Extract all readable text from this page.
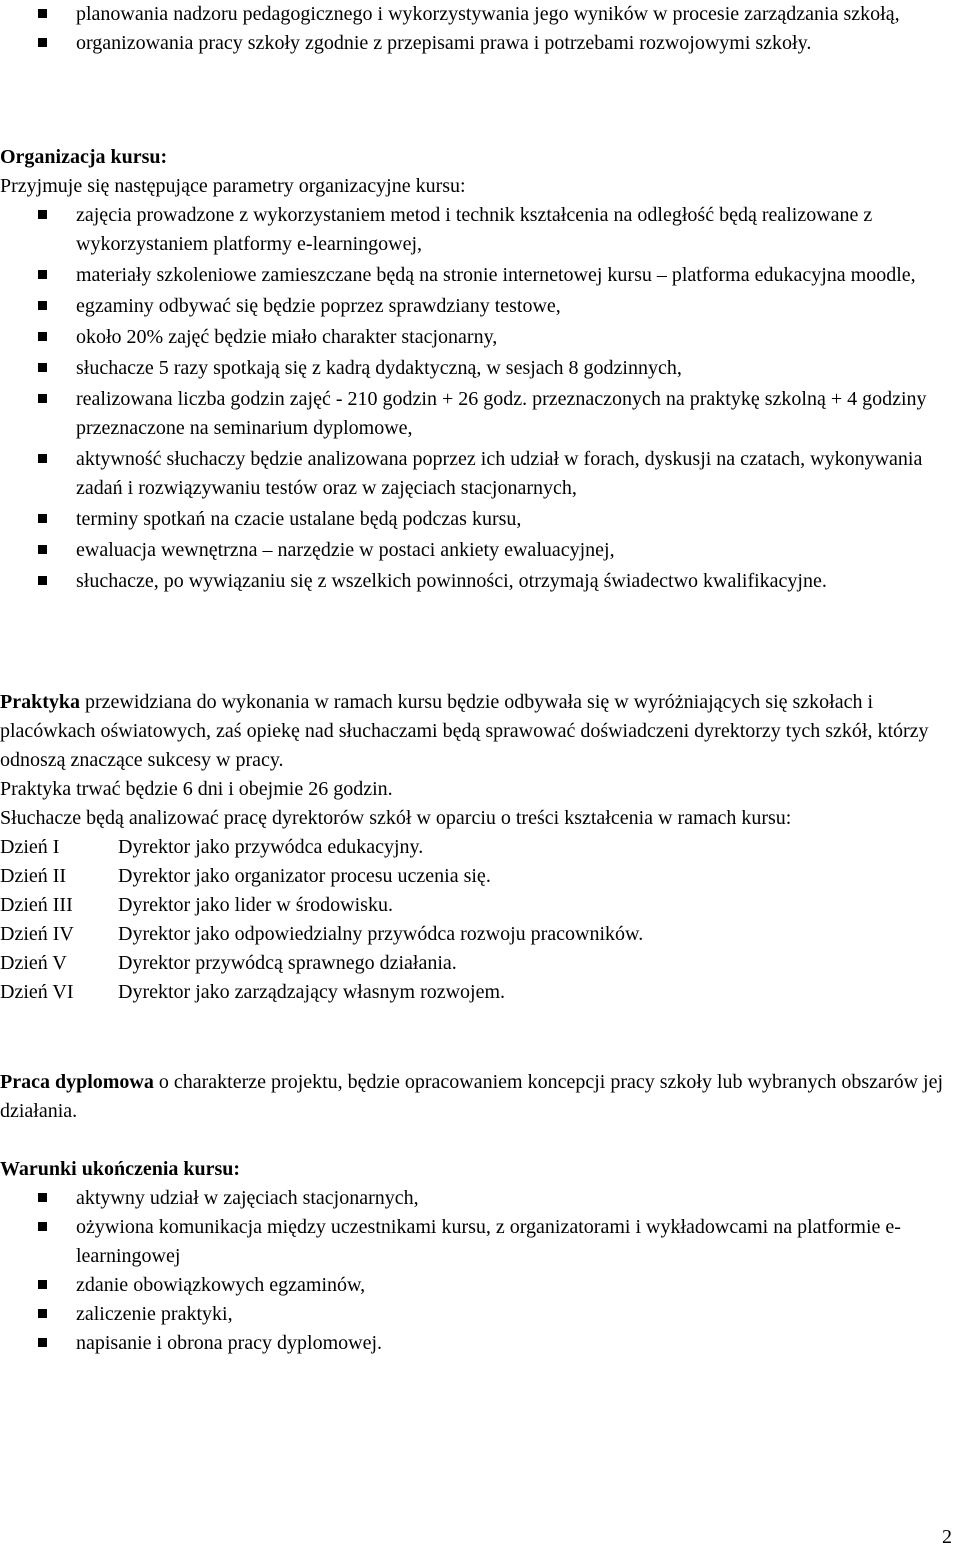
planowania nadzoru pedagogicznego i wykorzystywania jego wyników w procesie zarządzania szkołą,
organizowania pracy szkoły zgodnie z przepisami prawa i potrzebami rozwojowymi szkoły.
Organizacja kursu:

Przyjmuje się następujące parametry organizacyjne kursu:

zajęcia prowadzone z wykorzystaniem metod i technik kształcenia na odległość będą realizowane z wykorzystaniem platformy e-learningowej,
materiały szkoleniowe zamieszczane będą na stronie internetowej kursu – platforma edukacyjna moodle,
egzaminy odbywać się będzie poprzez sprawdziany testowe,
około 20% zajęć będzie miało charakter stacjonarny,
słuchacze 5 razy spotkają się z kadrą dydaktyczną, w sesjach 8 godzinnych,
realizowana liczba godzin zajęć - 210 godzin + 26 godz. przeznaczonych na praktykę szkolną + 4 godziny przeznaczone na seminarium dyplomowe,
aktywność słuchaczy będzie analizowana poprzez ich udział w forach, dyskusji na czatach, wykonywania zadań i rozwiązywaniu testów oraz w zajęciach stacjonarnych,
terminy spotkań na czacie ustalane będą podczas kursu,
ewaluacja wewnętrzna – narzędzie w postaci ankiety ewaluacyjnej,
słuchacze, po wywiązaniu się z wszelkich powinności, otrzymają świadectwo kwalifikacyjne.

Praktyka przewidziana do wykonania w ramach kursu będzie odbywała się w wyróżniających się szkołach i placówkach oświatowych, zaś opiekę nad słuchaczami będą sprawować doświadczeni dyrektorzy tych szkół, którzy odnoszą znaczące sukcesy w pracy.

Praktyka trwać będzie 6 dni i obejmie 26 godzin.

Słuchacze będą analizować pracę dyrektorów szkół w oparciu o treści kształcenia w ramach kursu:

Dzień I	Dyrektor jako przywódca edukacyjny.
Dzień II	Dyrektor jako organizator procesu uczenia się.
Dzień III	Dyrektor jako lider w środowisku.
Dzień IV	Dyrektor jako odpowiedzialny przywódca rozwoju pracowników.
Dzień V	Dyrektor przywódcą sprawnego działania.
Dzień VI	Dyrektor jako zarządzający własnym rozwojem.

Praca dyplomowa o charakterze projektu, będzie opracowaniem koncepcji pracy szkoły lub wybranych obszarów jej działania.

Warunki ukończenia kursu:
aktywny udział w zajęciach stacjonarnych,
ożywiona komunikacja między uczestnikami kursu, z organizatorami i wykładowcami na platformie e-learningowej
zdanie obowiązkowych egzaminów,
zaliczenie praktyki,
napisanie i obrona pracy dyplomowej.
2
